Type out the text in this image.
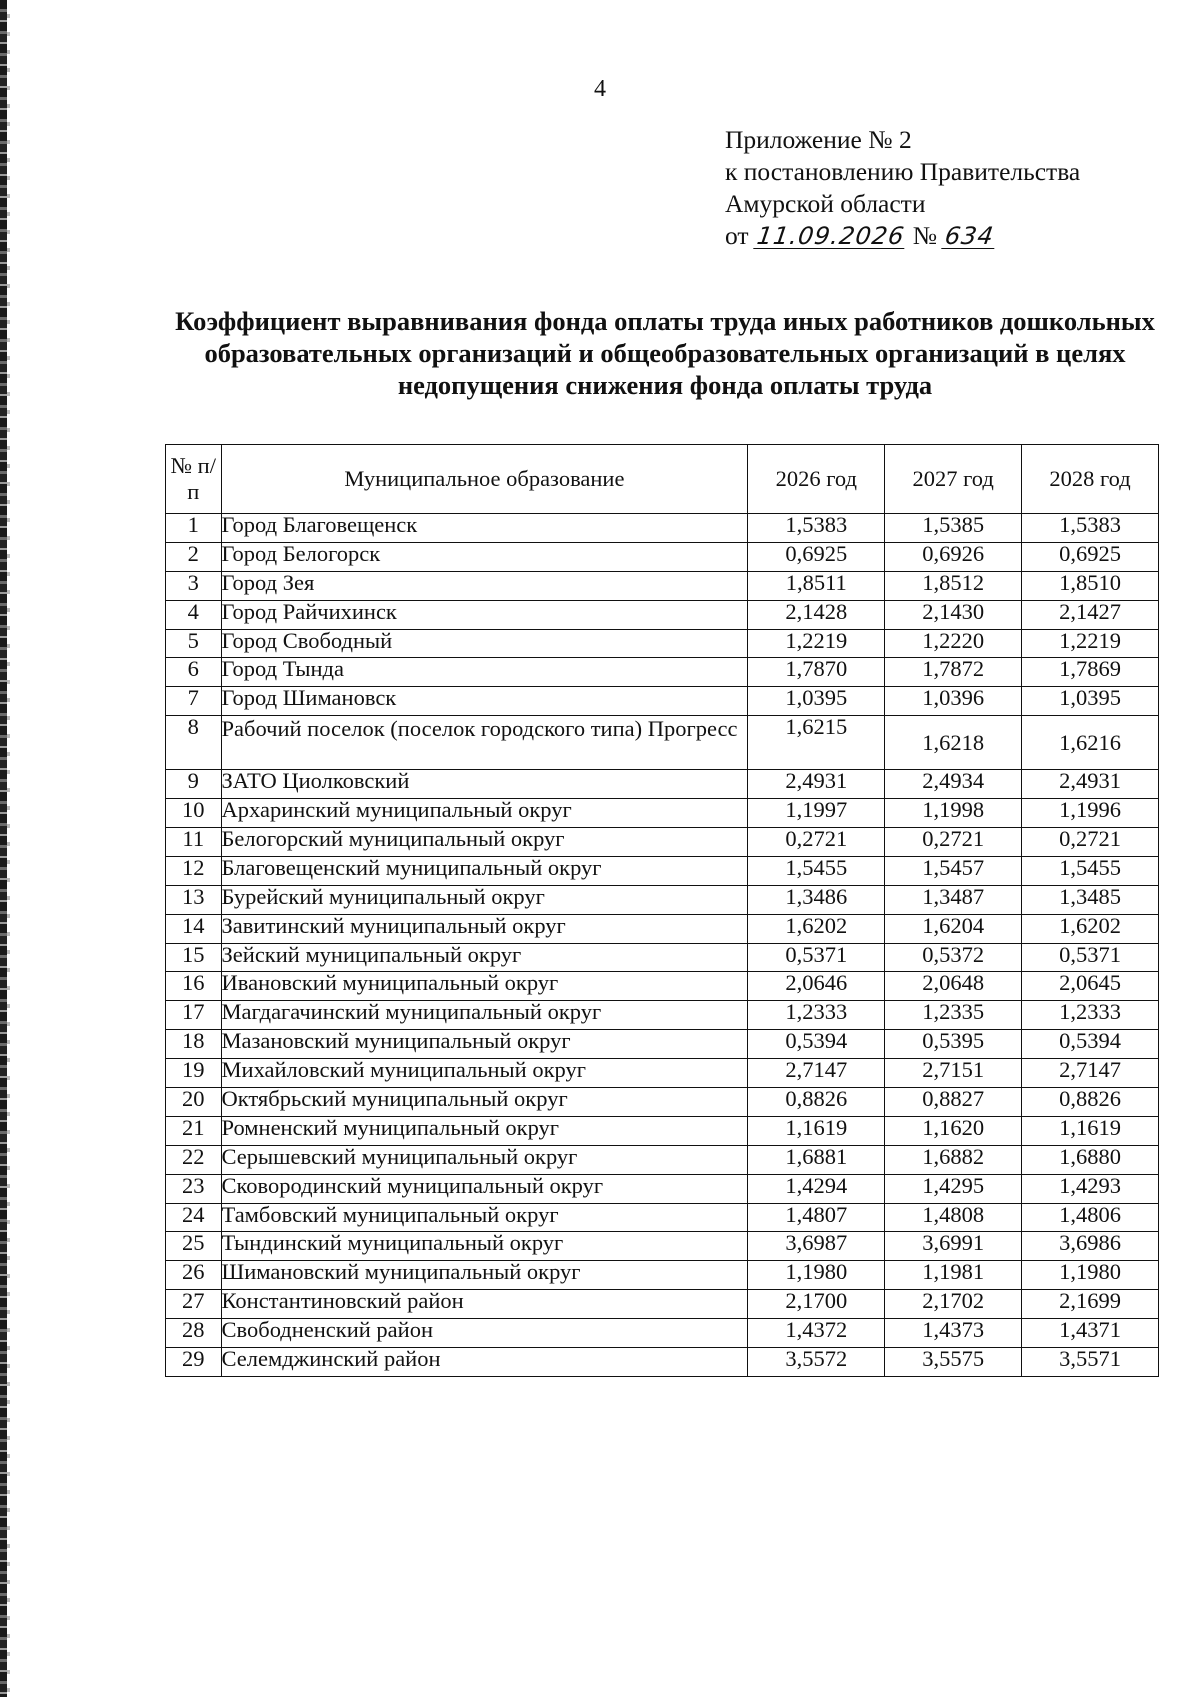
4
Приложение № 2
к постановлению Правительства
Амурской области
от 11.09.2026 № 634
Коэффициент выравнивания фонда оплаты труда иных работников дошкольных образовательных организаций и общеобразовательных организаций в целях недопущения снижения фонда оплаты труда
№ п/п	Муниципальное образование	2026 год	2027 год	2028 год
1	Город Благовещенск	1,5383	1,5385	1,5383
2	Город Белогорск	0,6925	0,6926	0,6925
3	Город Зея	1,8511	1,8512	1,8510
4	Город Райчихинск	2,1428	2,1430	2,1427
5	Город Свободный	1,2219	1,2220	1,2219
6	Город Тында	1,7870	1,7872	1,7869
7	Город Шимановск	1,0395	1,0396	1,0395
8	Рабочий поселок (поселок городского типа) Прогресс	1,6215	1,6218	1,6216
9	ЗАТО Циолковский	2,4931	2,4934	2,4931
10	Архаринский муниципальный округ	1,1997	1,1998	1,1996
11	Белогорский муниципальный округ	0,2721	0,2721	0,2721
12	Благовещенский муниципальный округ	1,5455	1,5457	1,5455
13	Бурейский муниципальный округ	1,3486	1,3487	1,3485
14	Завитинский муниципальный округ	1,6202	1,6204	1,6202
15	Зейский муниципальный округ	0,5371	0,5372	0,5371
16	Ивановский муниципальный округ	2,0646	2,0648	2,0645
17	Магдагачинский муниципальный округ	1,2333	1,2335	1,2333
18	Мазановский муниципальный округ	0,5394	0,5395	0,5394
19	Михайловский муниципальный округ	2,7147	2,7151	2,7147
20	Октябрьский муниципальный округ	0,8826	0,8827	0,8826
21	Ромненский муниципальный округ	1,1619	1,1620	1,1619
22	Серышевский муниципальный округ	1,6881	1,6882	1,6880
23	Сковородинский муниципальный округ	1,4294	1,4295	1,4293
24	Тамбовский муниципальный округ	1,4807	1,4808	1,4806
25	Тындинский муниципальный округ	3,6987	3,6991	3,6986
26	Шимановский муниципальный округ	1,1980	1,1981	1,1980
27	Константиновский район	2,1700	2,1702	2,1699
28	Свободненский район	1,4372	1,4373	1,4371
29	Селемджинский район	3,5572	3,5575	3,5571
